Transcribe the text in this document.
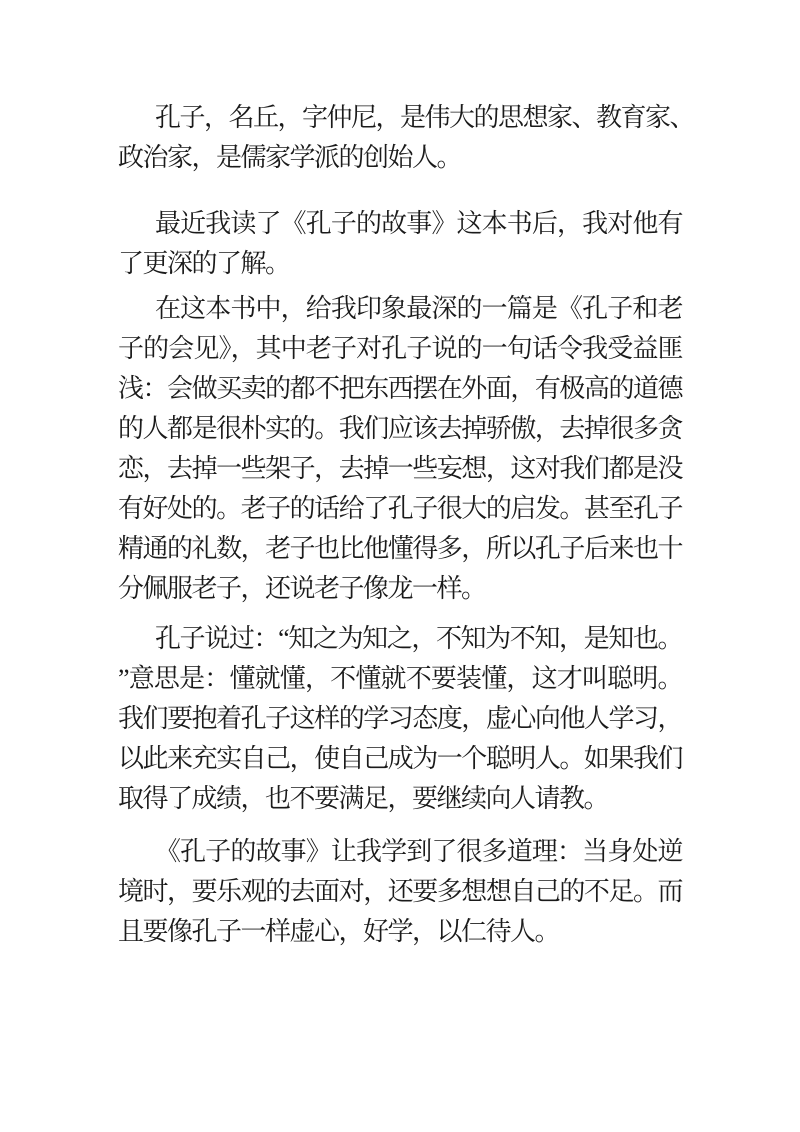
孔子，名丘，字仲尼，是伟大的思想家、教育家、
政治家，是儒家学派的创始人。
最近我读了《孔子的故事》这本书后，我对他有
了更深的了解。
在这本书中，给我印象最深的一篇是《孔子和老
子的会见》，其中老子对孔子说的一句话令我受益匪
浅：会做买卖的都不把东西摆在外面，有极高的道德
的人都是很朴实的。我们应该去掉骄傲，去掉很多贪
恋，去掉一些架子，去掉一些妄想，这对我们都是没
有好处的。老子的话给了孔子很大的启发。甚至孔子
精通的礼数，老子也比他懂得多，所以孔子后来也十
分佩服老子，还说老子像龙一样。
孔子说过：“知之为知之，不知为不知，是知也。
”意思是：懂就懂，不懂就不要装懂，这才叫聪明。
我们要抱着孔子这样的学习态度，虚心向他人学习，
以此来充实自己，使自己成为一个聪明人。如果我们
取得了成绩，也不要满足，要继续向人请教。
《孔子的故事》让我学到了很多道理：当身处逆
境时，要乐观的去面对，还要多想想自己的不足。而
且要像孔子一样虚心，好学，以仁待人。
